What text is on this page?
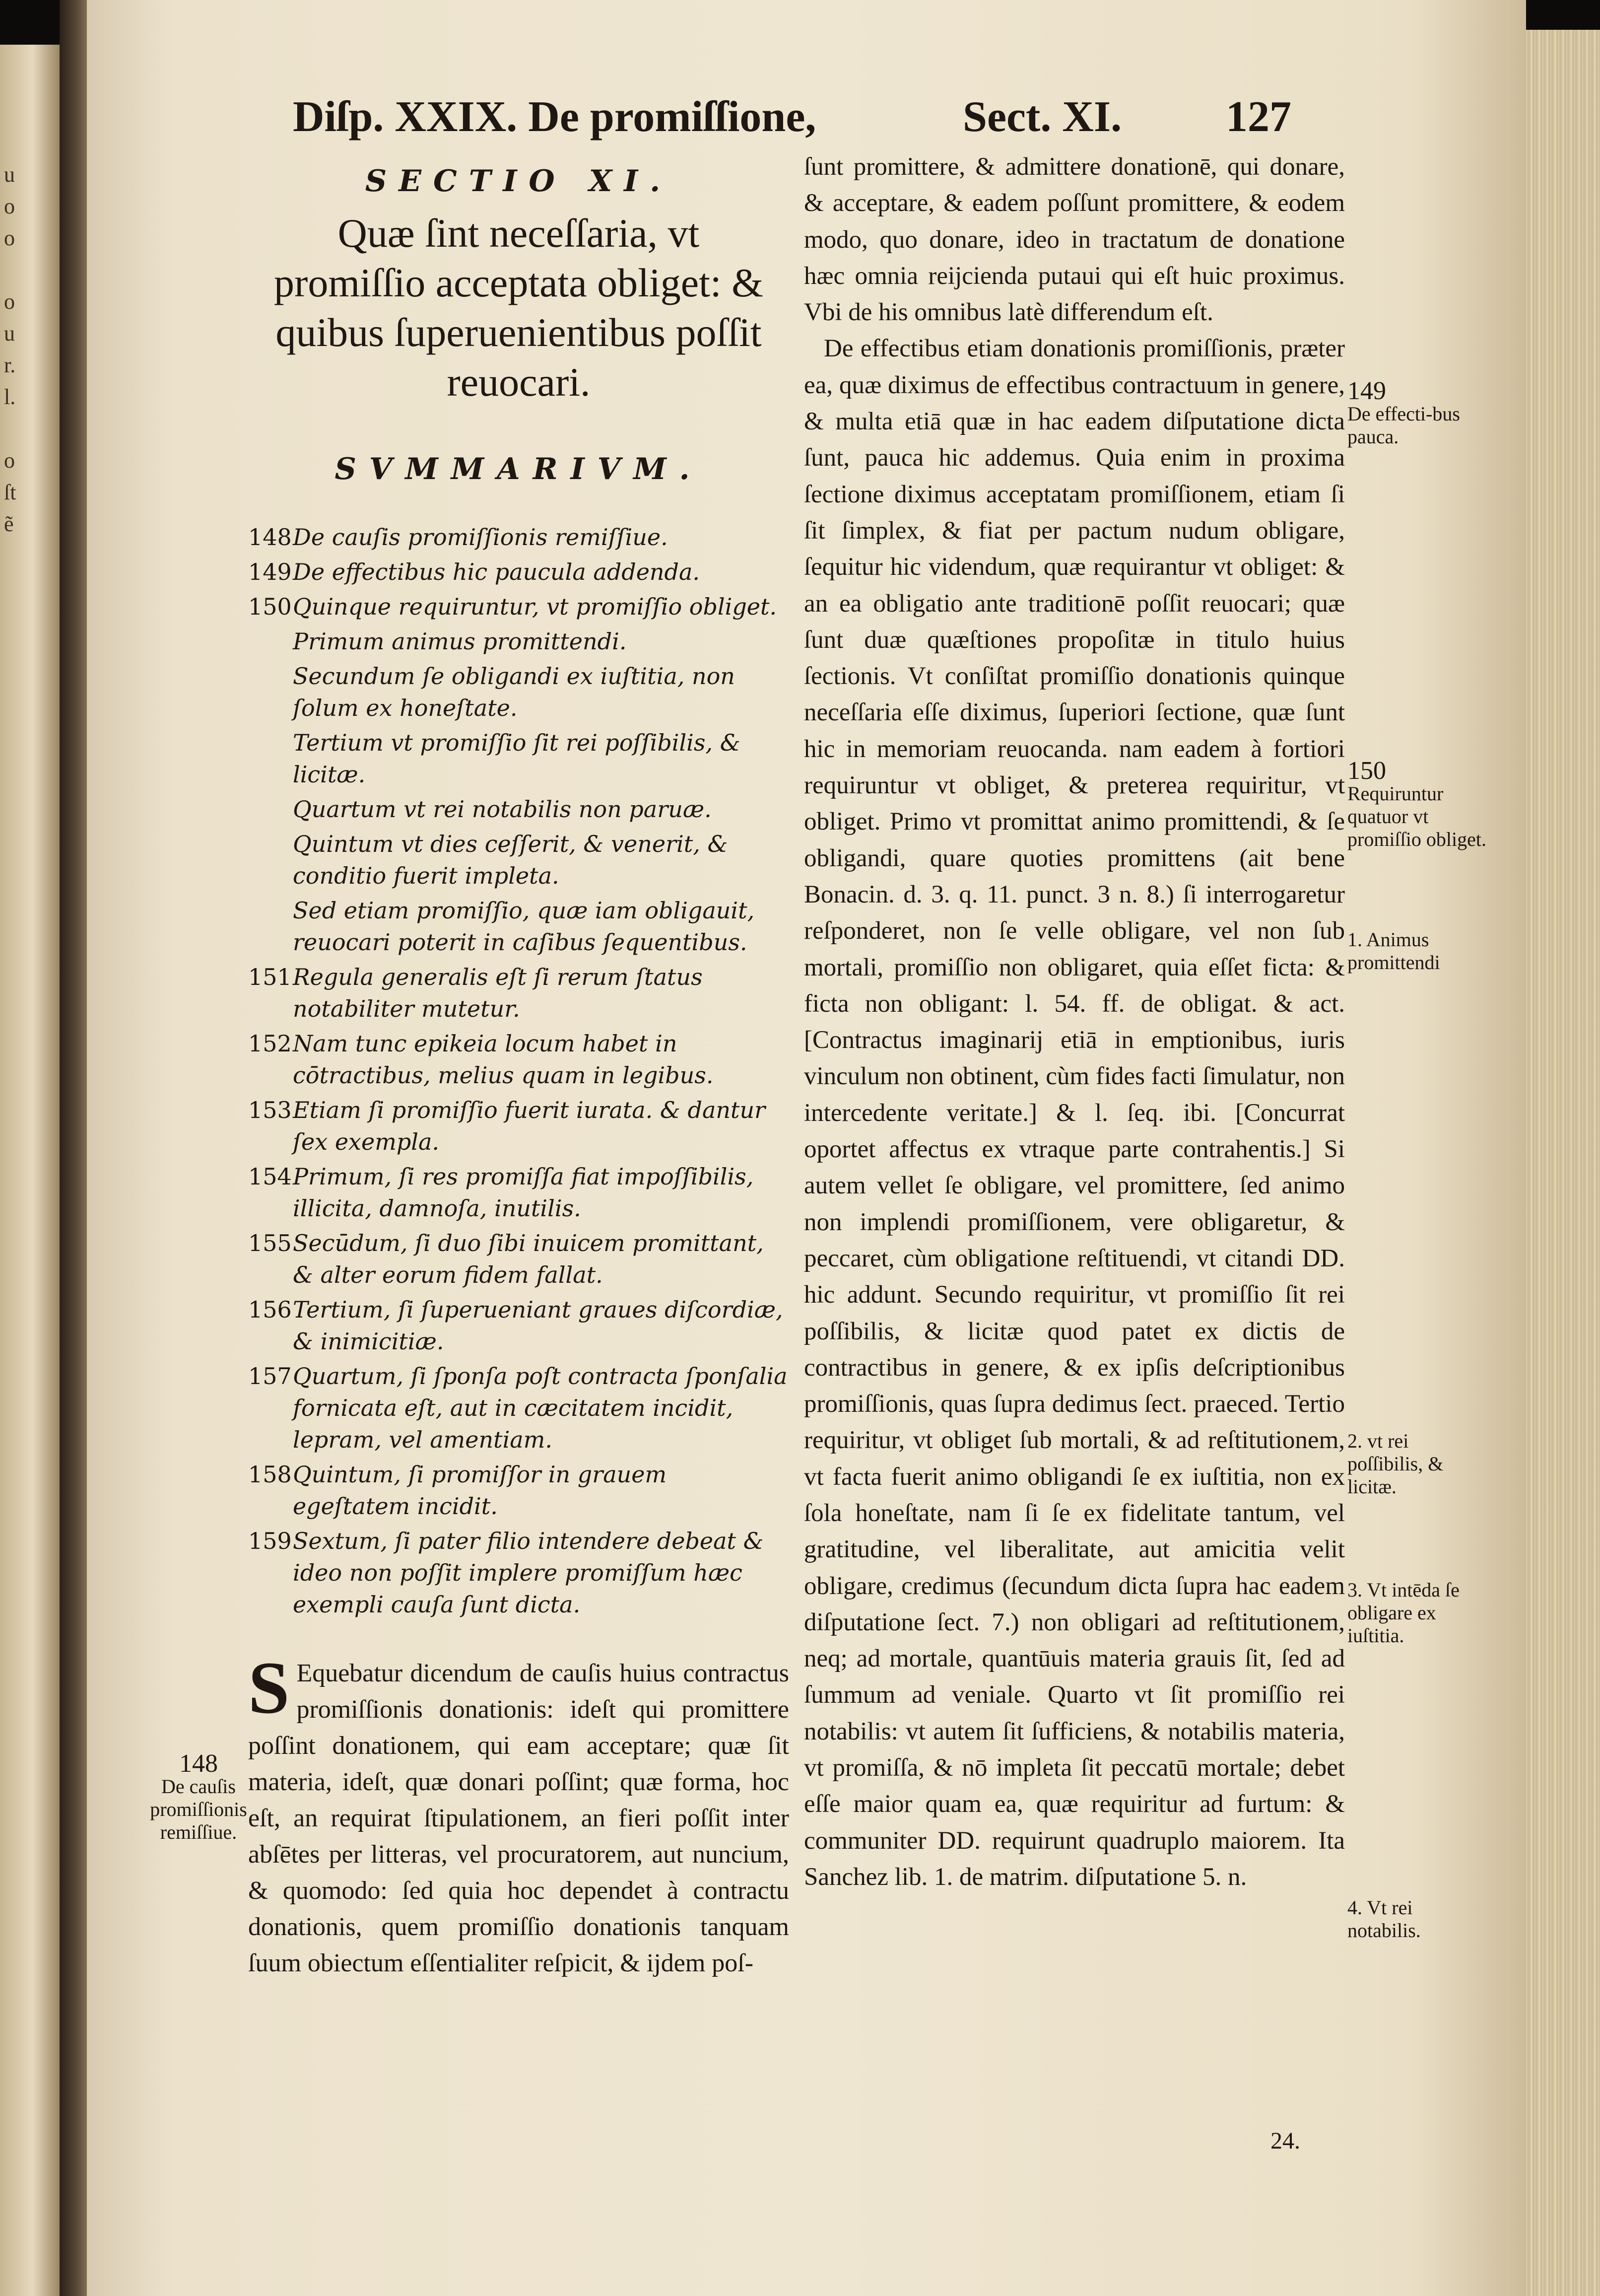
u
o
o

o
u
r.
l.

o
ſt
ẽ
Diſp. XXIX. De promiſſione,	Sect. XI. 127
SECTIO XI.
Quæ ſint neceſſaria, vt promiſſio acceptata obliget: & quibus ſuperuenientibus poſſit reuocari.
SVMMARIVM.
148 De cauſis promiſſionis remiſſiue.
149 De effectibus hic paucula addenda.
150 Quinque requiruntur, vt promiſſio obliget.
Primum animus promittendi.
Secundum ſe obligandi ex iuſtitia, non ſolum ex honeſtate.
Tertium vt promiſſio ſit rei poſſibilis, & licitæ.
Quartum vt rei notabilis non paruæ.
Quintum vt dies ceſſerit, & venerit, & conditio fuerit impleta.
Sed etiam promiſſio, quæ iam obligauit, reuocari poterit in caſibus ſequentibus.
151 Regula generalis eſt ſi rerum ſtatus notabiliter mutetur.
152 Nam tunc epikeia locum habet in cōtractibus, melius quam in legibus.
153 Etiam ſi promiſſio fuerit iurata. & dantur ſex exempla.
154 Primum, ſi res promiſſa fiat impoſſibilis, illicita, damnoſa, inutilis.
155 Secūdum, ſi duo ſibi inuicem promittant, & alter eorum fidem fallat.
156 Tertium, ſi ſuperueniant graues diſcordiæ, & inimicitiæ.
157 Quartum, ſi ſponſa poſt contracta ſponſalia fornicata eſt, aut in cæcitatem incidit, lepram, vel amentiam.
158 Quintum, ſi promiſſor in grauem egeſtatem incidit.
159 Sextum, ſi pater filio intendere debeat & ideo non poſſit implere promiſſum hæc exempli cauſa ſunt dicta.
S Equebatur dicendum de cauſis huius contractus promiſſionis donationis: ideſt qui promittere poſſint donationem, qui eam acceptare; quæ ſit materia, ideſt, quæ donari poſſint; quæ forma, hoc eſt, an requirat ſtipulationem, an fieri poſſit inter abſētes per litteras, vel procuratorem, aut nuncium, & quomodo: ſed quia hoc dependet à contractu donationis, quem promiſſio donationis tanquam ſuum obiectum eſſentialiter reſpicit, & ijdem poſ-

ſunt promittere, & admittere donationē, qui donare, & acceptare, & eadem poſſunt promittere, & eodem modo, quo donare, ideo in tractatum de donatione hæc omnia reijcienda putaui qui eſt huic proximus. Vbi de his omnibus latè differendum eſt.

De effectibus etiam donationis promiſſionis, præter ea, quæ diximus de effectibus contractuum in genere, & multa etiā quæ in hac eadem diſputatione dicta ſunt, pauca hic addemus. Quia enim in proxima ſectione diximus acceptatam promiſſionem, etiam ſi ſit ſimplex, & fiat per pactum nudum obligare, ſequitur hic videndum, quæ requirantur vt obliget: & an ea obligatio ante traditionē poſſit reuocari; quæ ſunt duæ quæſtiones propoſitæ in titulo huius ſectionis. Vt conſiſtat promiſſio donationis quinque neceſſaria eſſe diximus, ſuperiori ſectione, quæ ſunt hic in memoriam reuocanda. nam eadem à fortiori requiruntur vt obliget, & preterea requiritur, vt obliget. Primo vt promittat animo promittendi, & ſe obligandi, quare quoties promittens (ait bene Bonacin. d. 3. q. 11. punct. 3 n. 8.) ſi interrogaretur reſponderet, non ſe velle obligare, vel non ſub mortali, promiſſio non obligaret, quia eſſet ficta: & ficta non obligant: l. 54. ff. de obligat. & act. [Contractus imaginarij etiā in emptionibus, iuris vinculum non obtinent, cùm fides facti ſimulatur, non intercedente veritate.] & l. ſeq. ibi. [Concurrat oportet affectus ex vtraque parte contrahentis.] Si autem vellet ſe obligare, vel promittere, ſed animo non implendi promiſſionem, vere obligaretur, & peccaret, cùm obligatione reſtituendi, vt citandi DD. hic addunt. Secundo requiritur, vt promiſſio ſit rei poſſibilis, & licitæ quod patet ex dictis de contractibus in genere, & ex ipſis deſcriptionibus promiſſionis, quas ſupra dedimus ſect. praeced. Tertio requiritur, vt obliget ſub mortali, & ad reſtitutionem, vt facta fuerit animo obligandi ſe ex iuſtitia, non ex ſola honeſtate, nam ſi ſe ex fidelitate tantum, vel gratitudine, vel liberalitate, aut amicitia velit obligare, credimus (ſecundum dicta ſupra hac eadem diſputatione ſect. 7.) non obligari ad reſtitutionem, neq; ad mortale, quantūuis materia grauis ſit, ſed ad ſummum ad veniale. Quarto vt ſit promiſſio rei notabilis: vt autem ſit ſufficiens, & notabilis materia, vt promiſſa, & nō impleta ſit peccatū mortale; debet eſſe maior quam ea, quæ requiritur ad furtum: & communiter DD. requirunt quadruplo maiorem. Ita Sanchez lib. 1. de matrim. diſputatione 5. n.

148
De cauſis promiſſionis remiſſiue.
149
De effecti-bus pauca.
150
Requiruntur quatuor vt promiſſio obliget.
1. Animus promittendi
2. vt rei poſſibilis, & licitæ.
3. Vt intēda ſe obligare ex iuſtitia.
4. Vt rei notabilis.
24.
